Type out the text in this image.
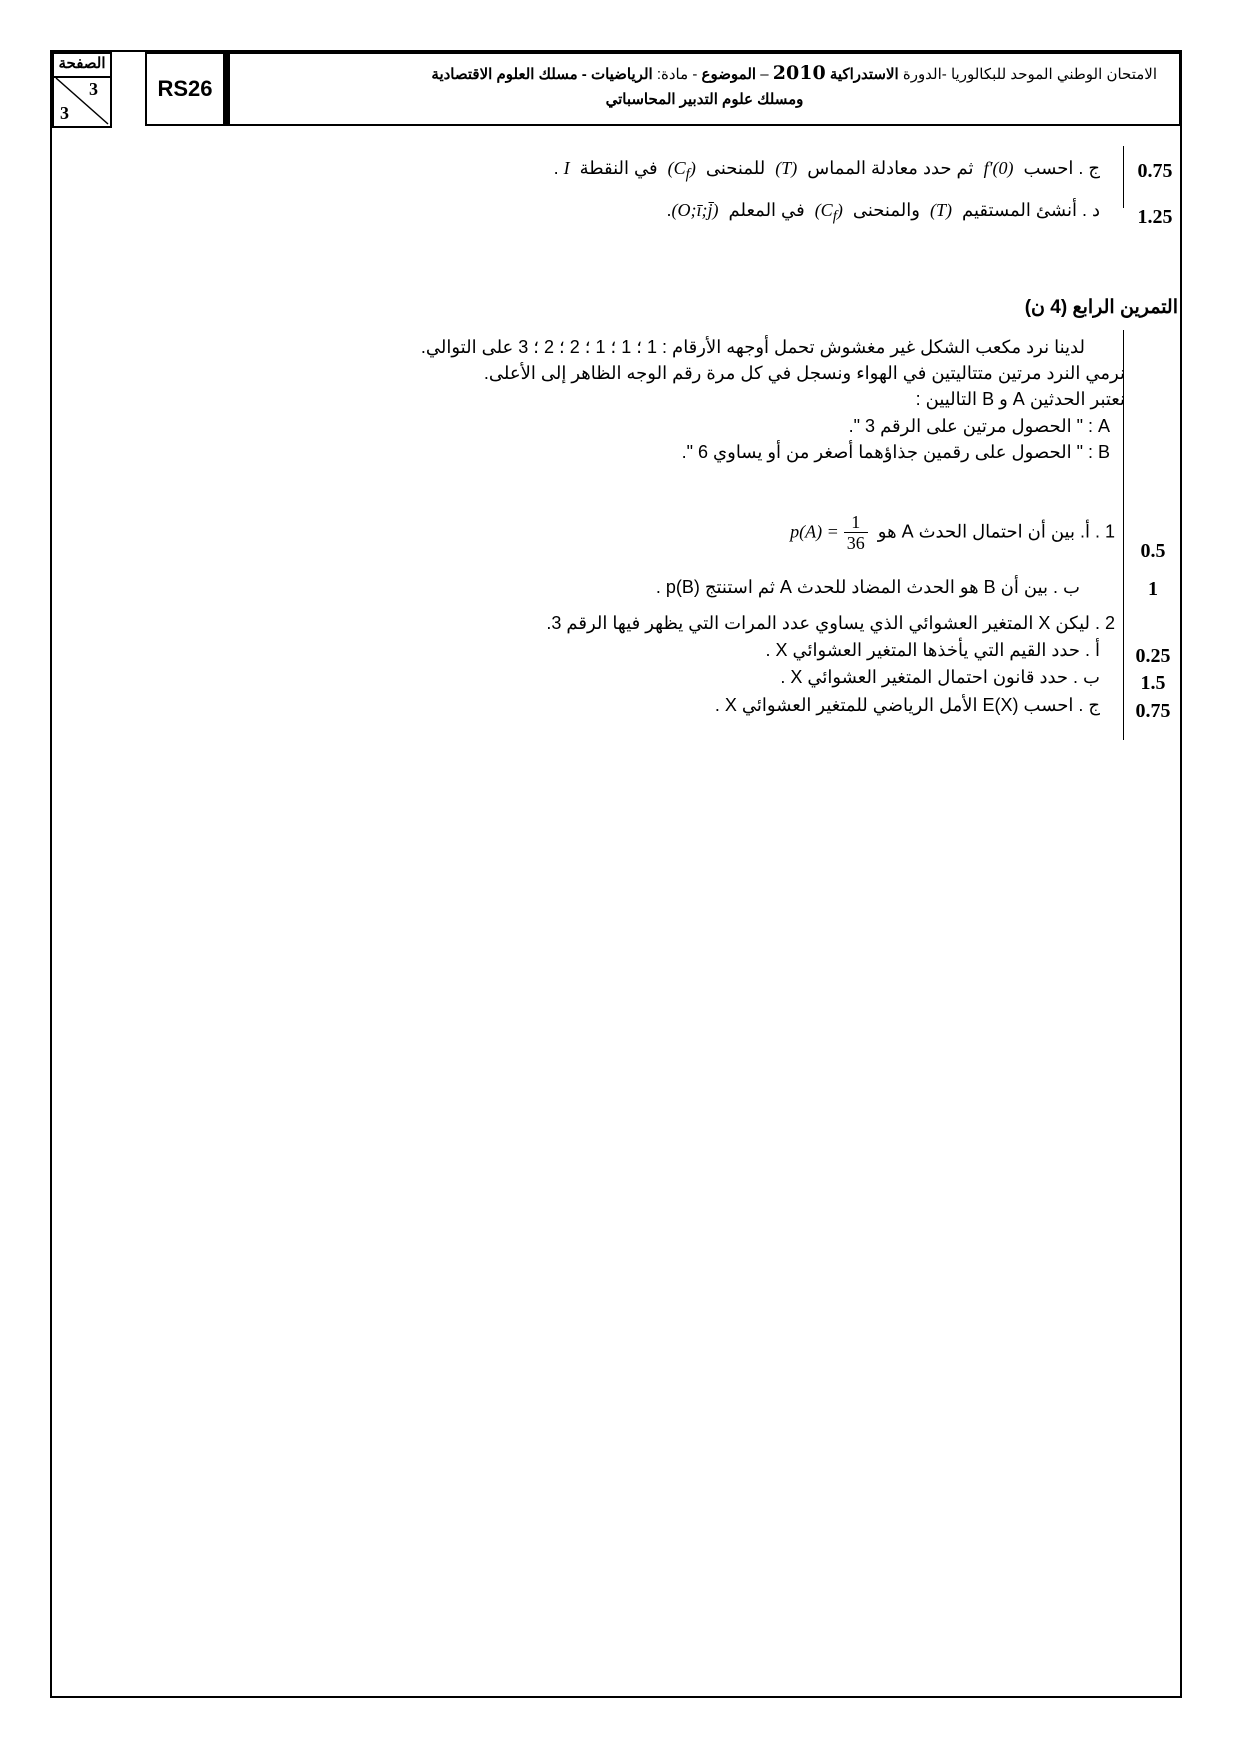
الصفحة
3
3
RS26
الامتحان الوطني الموحد للبكالوريا -الدورة الاستدراكية 2010 – الموضوع - مادة: الرياضيات - مسلك العلوم الاقتصادية
ومسلك علوم التدبير المحاسباتي
0.75
ج . احسب  f′(0)  ثم حدد معادلة المماس  (T)  للمنحنى  $(C_f)$  في النقطة  I .
1.25
د . أنشئ المستقيم  (T)  والمنحنى  $(C_f)$  في المعلم  (O;ī;j̄).
التمرين الرابع (4 ن)
لدينا نرد مكعب الشكل غير مغشوش تحمل أوجهه الأرقام : 1 ؛ 1 ؛ 1 ؛ 2 ؛ 2 ؛ 3 على التوالي.
نرمي النرد مرتين متتاليتين في الهواء ونسجل في كل مرة رقم الوجه الظاهر إلى الأعلى.
نعتبر الحدثين A و B التاليين :
A : " الحصول مرتين على الرقم 3 ".
B : " الحصول على رقمين جذاؤهما أصغر من أو يساوي 6 ".
0.5
1 . أ. بين أن احتمال الحدث A هو  $p(A) = \frac{1}{36}$
1
ب . بين أن B هو الحدث المضاد للحدث A ثم استنتج p(B) .
2 . ليكن X المتغير العشوائي الذي يساوي عدد المرات التي يظهر فيها الرقم 3.
0.25
أ . حدد القيم التي يأخذها المتغير العشوائي X .
1.5
ب . حدد قانون احتمال المتغير العشوائي X .
0.75
ج . احسب E(X) الأمل الرياضي للمتغير العشوائي X .
